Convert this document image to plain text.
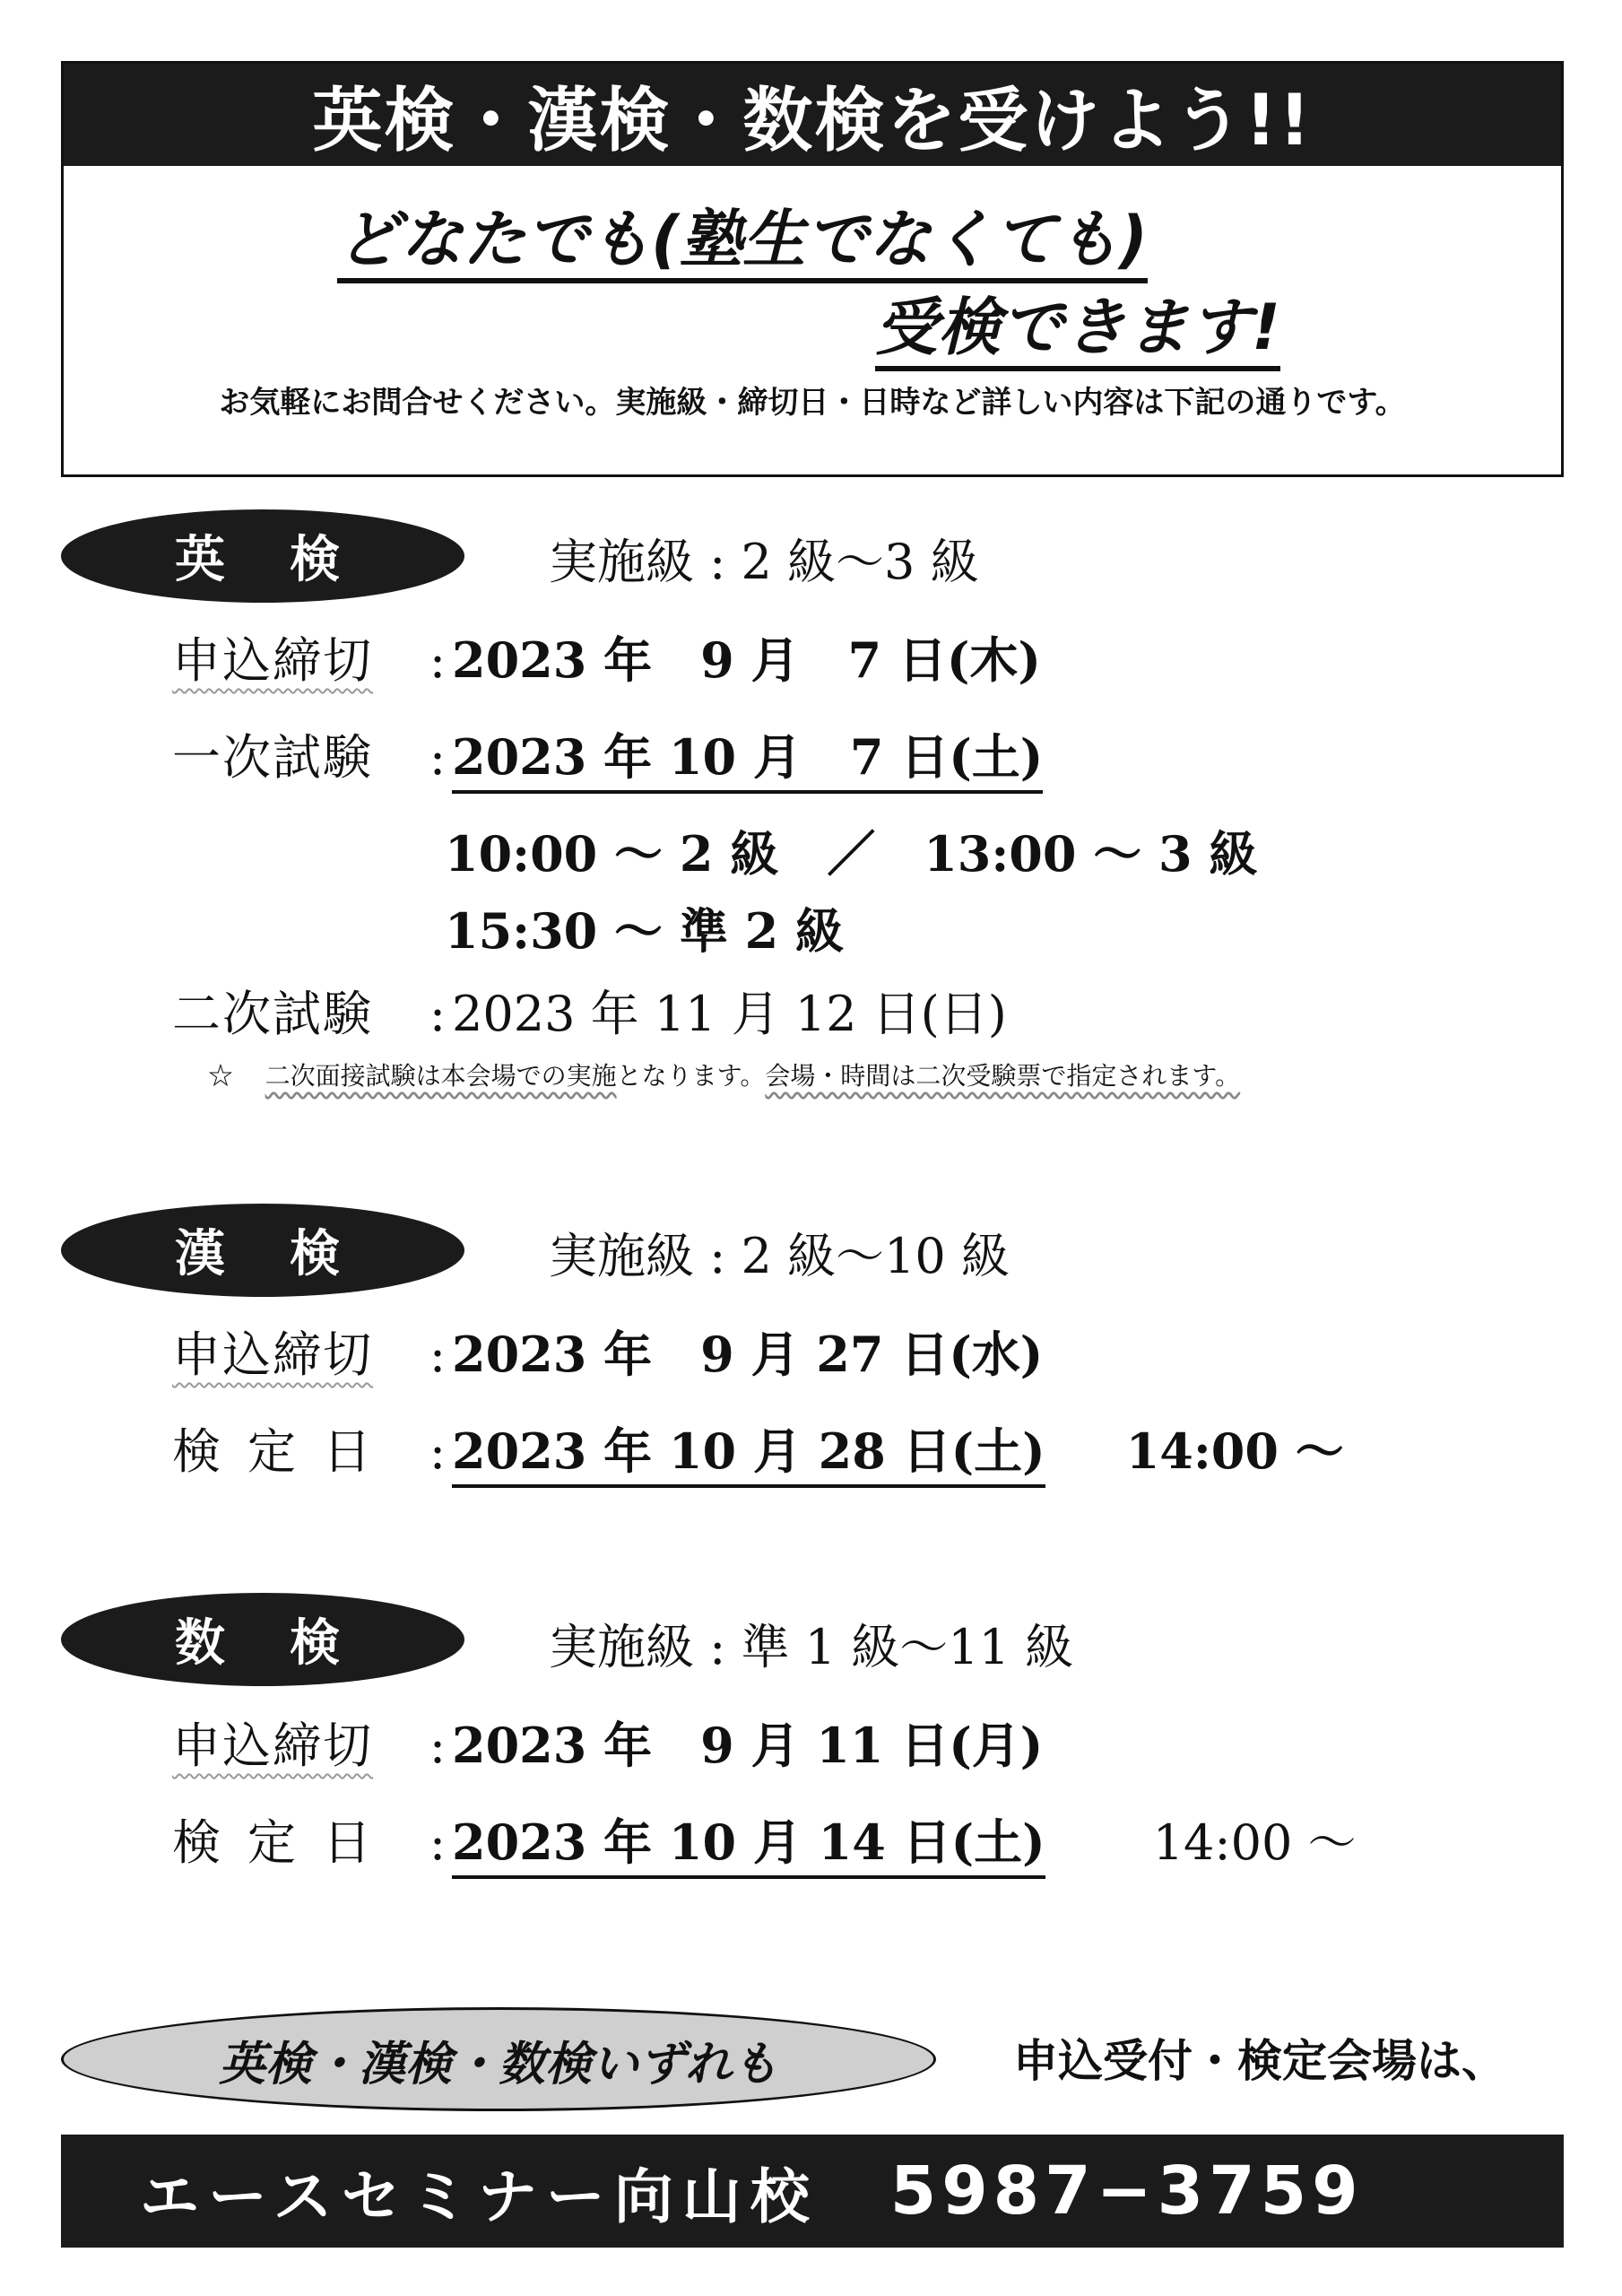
英検・漢検・数検を受けよう!!
どなたでも(塾生でなくても)
受検できます!
お気軽にお問合せください。実施級・締切日・日時など詳しい内容は下記の通りです。
英検	実施級 : 2 級〜3 級
申込締切	: 2023 年　9 月　7 日(木)
一次試験	: 2023 年 10 月　7 日(土)
10:00 〜 2 級　／　13:00 〜 3 級
15:30 〜 準 2 級
二次試験	: 2023 年 11 月 12 日(日)
☆ 二次面接試験は本会場での実施となります。会場・時間は二次受験票で指定されます。
漢検	実施級 : 2 級〜10 級
申込締切	: 2023 年　9 月 27 日(水)
検定日 : 2023 年 10 月 28 日(土) 14:00 〜
数検	実施級 : 準 1 級〜11 級
申込締切	: 2023 年　9 月 11 日(月)
検定日 : 2023 年 10 月 14 日(土) 14:00 〜
英検・漢検・数検いずれも	申込受付・検定会場は、
エースセミナー向山校 5987−3759
